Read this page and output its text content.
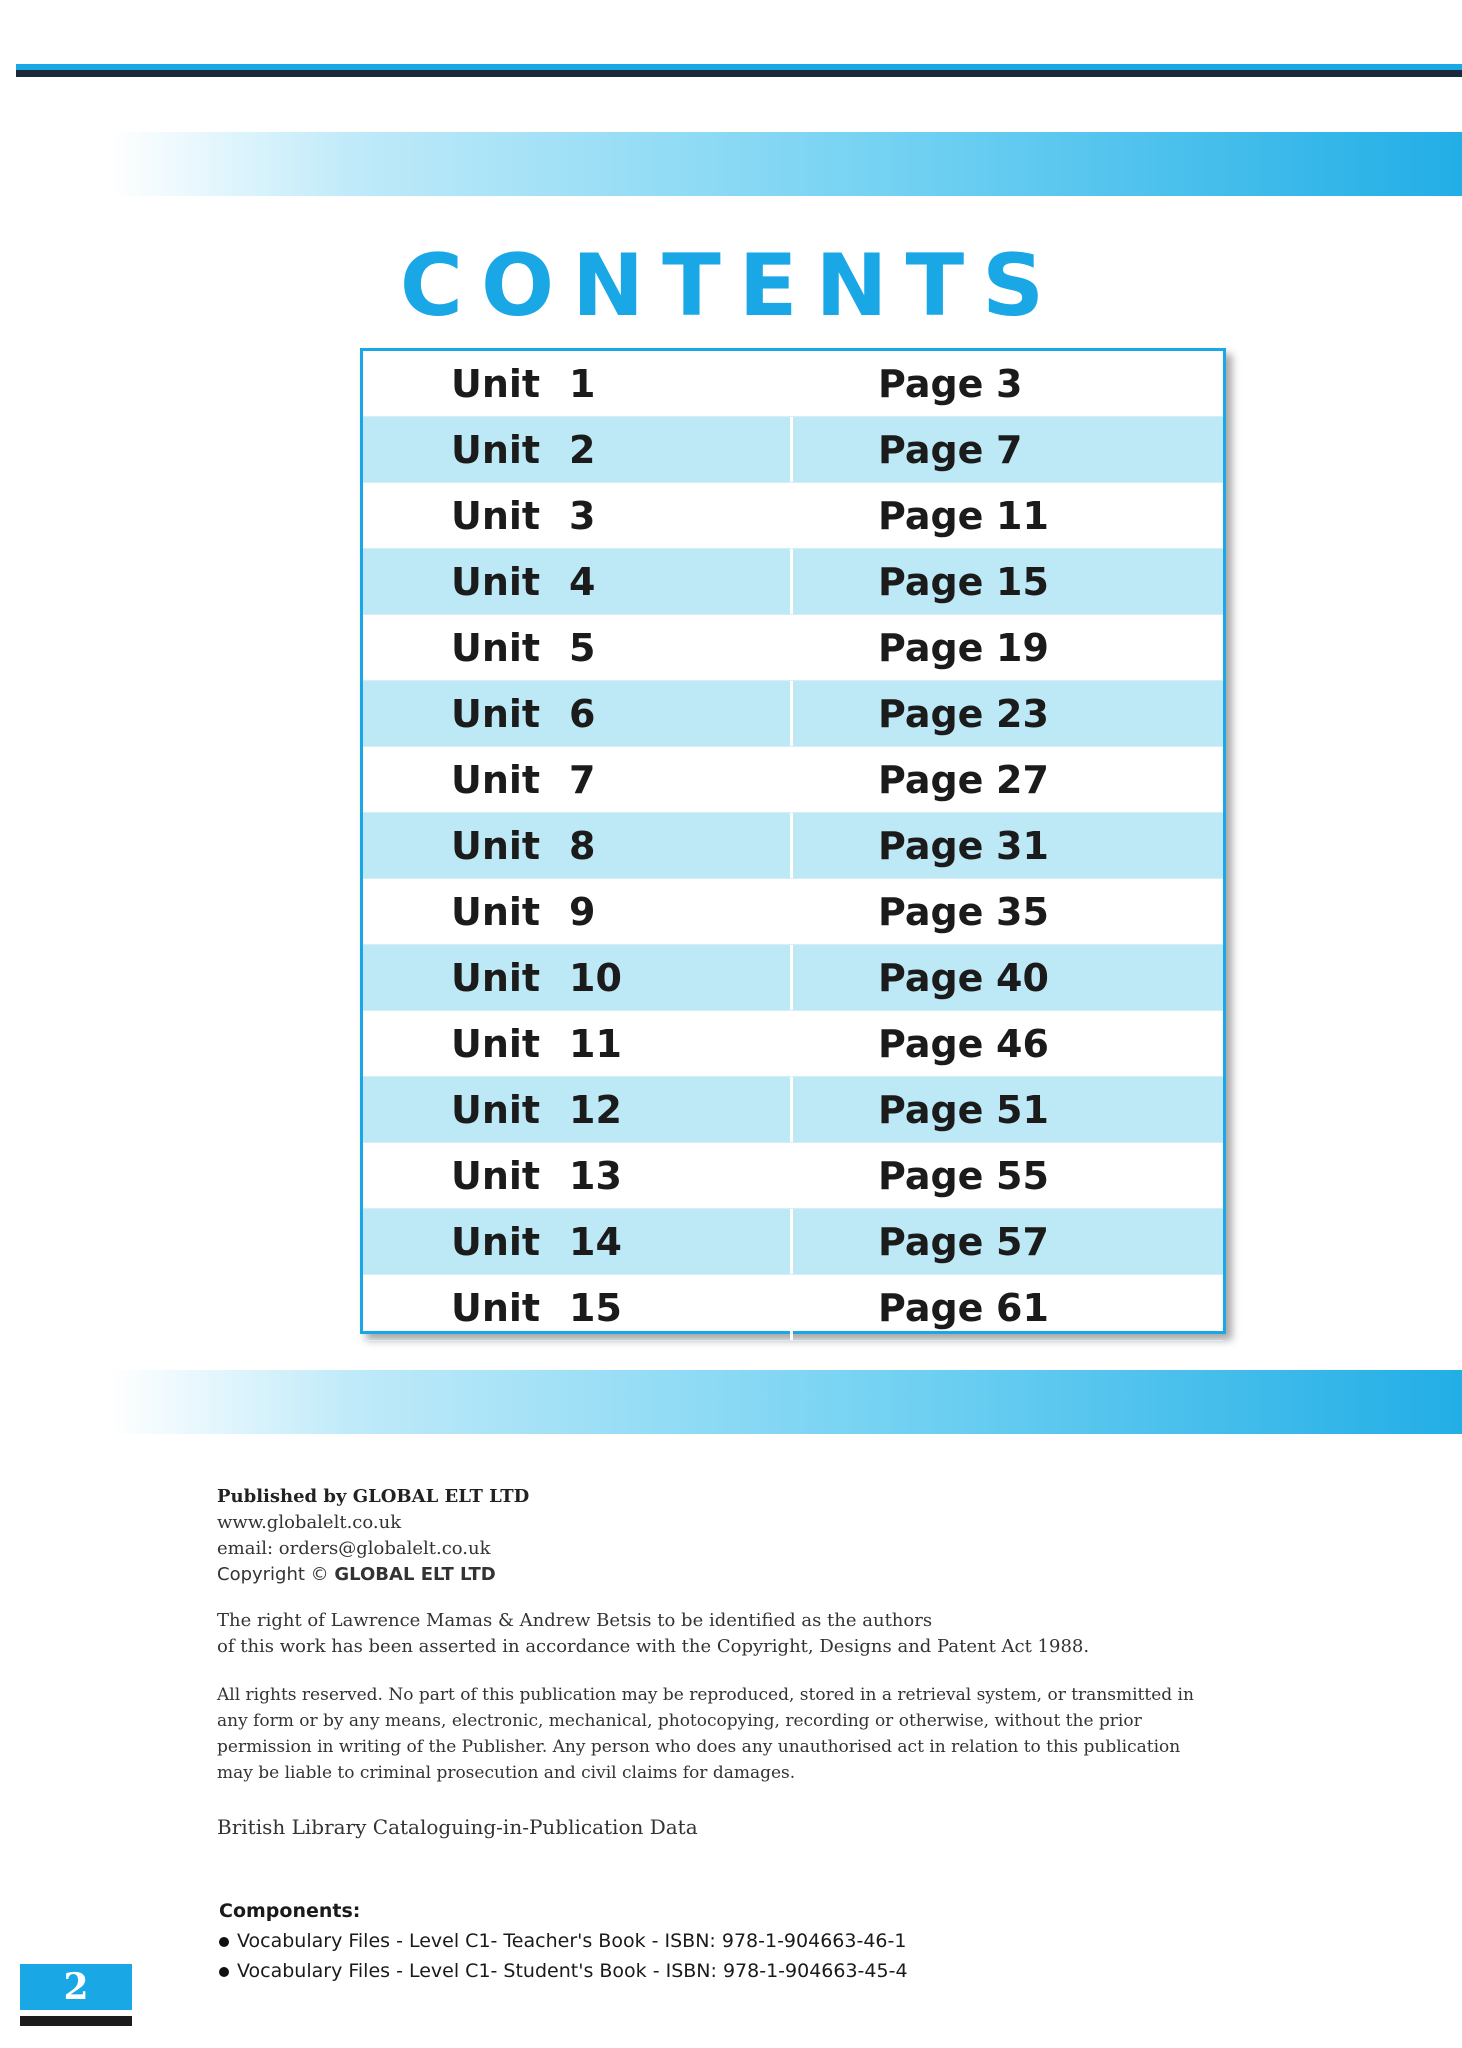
CONTENTS
Unit 1	Page 3
Unit 2	Page 7
Unit 3	Page 11
Unit 4	Page 15
Unit 5	Page 19
Unit 6	Page 23
Unit 7	Page 27
Unit 8	Page 31
Unit 9	Page 35
Unit 10	Page 40
Unit 11	Page 46
Unit 12	Page 51
Unit 13	Page 55
Unit 14	Page 57
Unit 15	Page 61

Published by GLOBAL ELT LTD

www.globalelt.co.uk

email: orders@globalelt.co.uk

Copyright © GLOBAL ELT LTD

The right of Lawrence Mamas & Andrew Betsis to be identified as the authors

of this work has been asserted in accordance with the Copyright, Designs and Patent Act 1988.

All rights reserved. No part of this publication may be reproduced, stored in a retrieval system, or transmitted in any form or by any means, electronic, mechanical, photocopying, recording or otherwise, without the prior permission in writing of the Publisher. Any person who does any unauthorised act in relation to this publication may be liable to criminal prosecution and civil claims for damages.

British Library Cataloguing-in-Publication Data

Components:

Vocabulary Files - Level C1- Teacher's Book - ISBN: 978-1-904663-46-1
Vocabulary Files - Level C1- Student's Book - ISBN: 978-1-904663-45-4
2
